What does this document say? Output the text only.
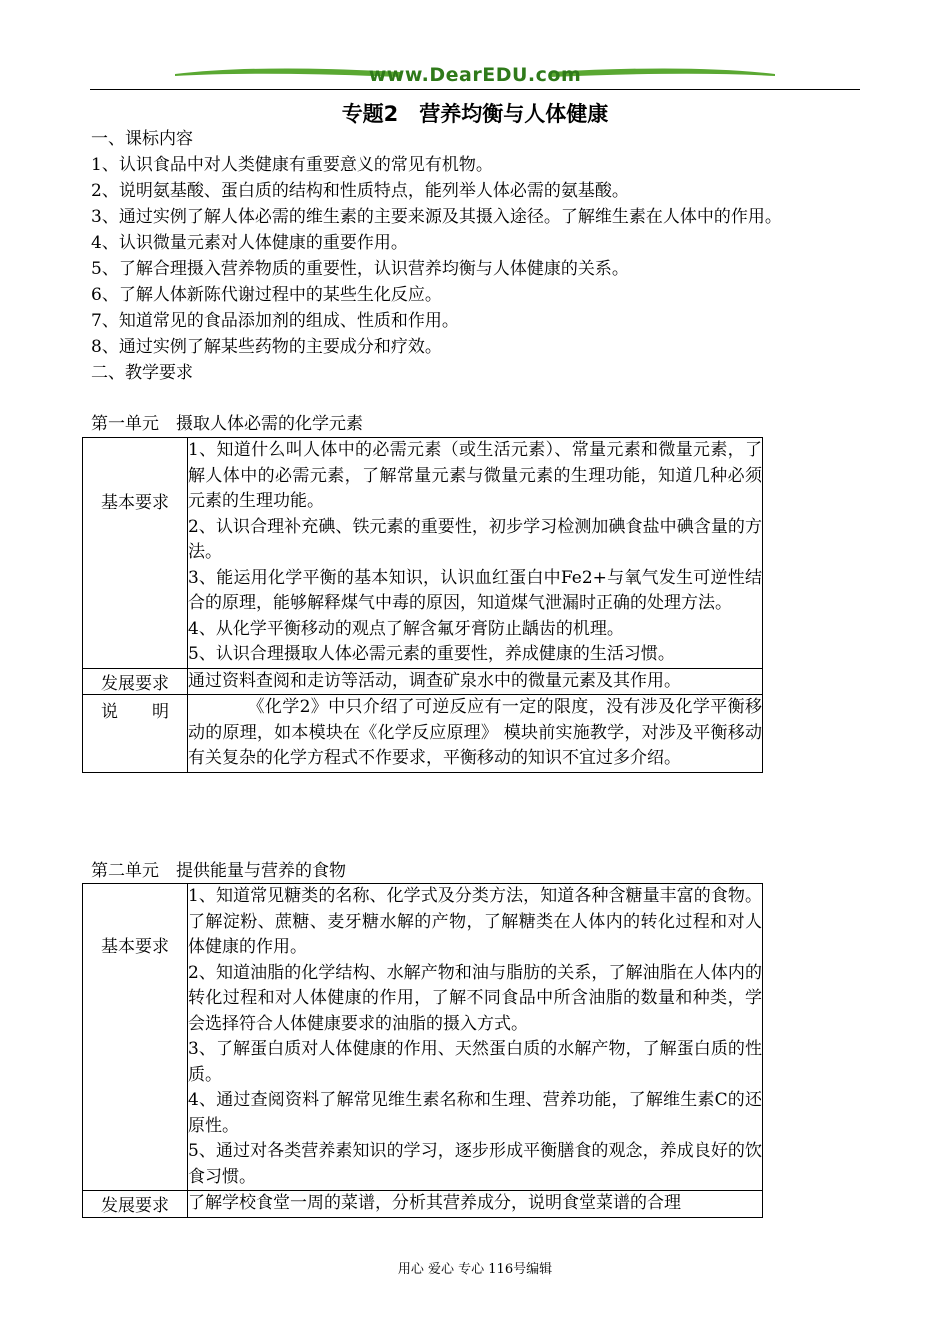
www.DearEDU.com
专题2　营养均衡与人体健康
一、课标内容
1、认识食品中对人类健康有重要意义的常见有机物。
2、说明氨基酸、蛋白质的结构和性质特点，能列举人体必需的氨基酸。
3、通过实例了解人体必需的维生素的主要来源及其摄入途径。了解维生素在人体中的作用。
4、认识微量元素对人体健康的重要作用。
5、了解合理摄入营养物质的重要性，认识营养均衡与人体健康的关系。
6、了解人体新陈代谢过程中的某些生化反应。
7、知道常见的食品添加剂的组成、性质和作用。
8、通过实例了解某些药物的主要成分和疗效。
二、教学要求
第一单元　摄取人体必需的化学元素
基本要求	1、知道什么叫人体中的必需元素（或生活元素）、常量元素和微量元素，了解人体中的必需元素，了解常量元素与微量元素的生理功能，知道几种必须元素的生理功能。

2、认识合理补充碘、铁元素的重要性，初步学习检测加碘食盐中碘含量的方法。

3、能运用化学平衡的基本知识，认识血红蛋白中Fe2+与氧气发生可逆性结合的原理，能够解释煤气中毒的原因，知道煤气泄漏时正确的处理方法。

4、从化学平衡移动的观点了解含氟牙膏防止龋齿的机理。

5、认识合理摄取人体必需元素的重要性，养成健康的生活习惯。

发展要求	通过资料查阅和走访等活动，调查矿泉水中的微量元素及其作用。
说　　明	《化学2》中只介绍了可逆反应有一定的限度，没有涉及化学平衡移动的原理，如本模块在《化学反应原理》 模块前实施教学，对涉及平衡移动有关复杂的化学方程式不作要求，平衡移动的知识不宜过多介绍。

第二单元　提供能量与营养的食物
基本要求	1、知道常见糖类的名称、化学式及分类方法，知道各种含糖量丰富的食物。了解淀粉、蔗糖、麦牙糖水解的产物，了解糖类在人体内的转化过程和对人体健康的作用。

2、知道油脂的化学结构、水解产物和油与脂肪的关系，了解油脂在人体内的转化过程和对人体健康的作用，了解不同食品中所含油脂的数量和种类，学会选择符合人体健康要求的油脂的摄入方式。

3、了解蛋白质对人体健康的作用、天然蛋白质的水解产物，了解蛋白质的性质。

4、通过查阅资料了解常见维生素名称和生理、营养功能，了解维生素C的还原性。

5、通过对各类营养素知识的学习，逐步形成平衡膳食的观念，养成良好的饮食习惯。

发展要求	了解学校食堂一周的菜谱，分析其营养成分，说明食堂菜谱的合理
用心 爱心 专心 116号编辑
